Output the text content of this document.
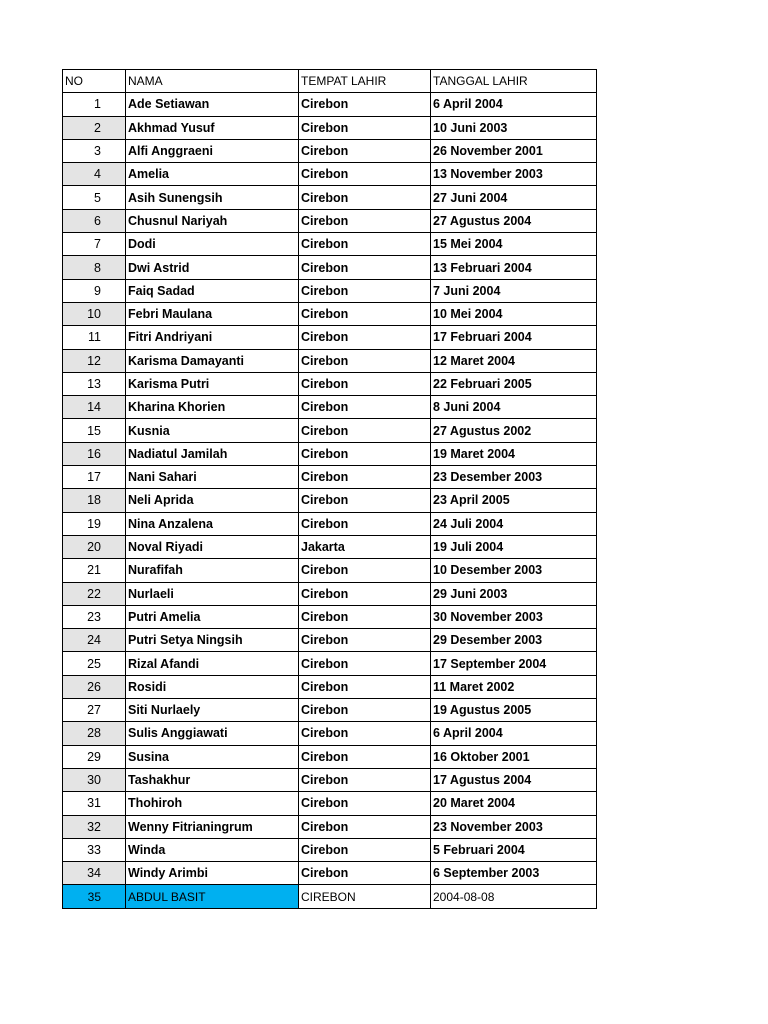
NO	NAMA	TEMPAT LAHIR	TANGGAL LAHIR
1	Ade Setiawan	Cirebon	6 April 2004
2	Akhmad Yusuf	Cirebon	10 Juni 2003
3	Alfi Anggraeni	Cirebon	26 November 2001
4	Amelia	Cirebon	13 November 2003
5	Asih Sunengsih	Cirebon	27 Juni 2004
6	Chusnul Nariyah	Cirebon	27 Agustus 2004
7	Dodi	Cirebon	15 Mei 2004
8	Dwi Astrid	Cirebon	13 Februari 2004
9	Faiq Sadad	Cirebon	7 Juni 2004
10	Febri Maulana	Cirebon	10 Mei 2004
11	Fitri Andriyani	Cirebon	17 Februari 2004
12	Karisma Damayanti	Cirebon	12 Maret 2004
13	Karisma Putri	Cirebon	22 Februari 2005
14	Kharina Khorien	Cirebon	8 Juni 2004
15	Kusnia	Cirebon	27 Agustus 2002
16	Nadiatul Jamilah	Cirebon	19 Maret 2004
17	Nani Sahari	Cirebon	23 Desember 2003
18	Neli Aprida	Cirebon	23 April 2005
19	Nina Anzalena	Cirebon	24 Juli 2004
20	Noval Riyadi	Jakarta	19 Juli 2004
21	Nurafifah	Cirebon	10 Desember 2003
22	Nurlaeli	Cirebon	29 Juni 2003
23	Putri Amelia	Cirebon	30 November 2003
24	Putri Setya Ningsih	Cirebon	29 Desember 2003
25	Rizal Afandi	Cirebon	17 September 2004
26	Rosidi	Cirebon	11 Maret 2002
27	Siti Nurlaely	Cirebon	19 Agustus 2005
28	Sulis Anggiawati	Cirebon	6 April 2004
29	Susina	Cirebon	16 Oktober 2001
30	Tashakhur	Cirebon	17 Agustus 2004
31	Thohiroh	Cirebon	20 Maret 2004
32	Wenny Fitrianingrum	Cirebon	23 November 2003
33	Winda	Cirebon	5 Februari 2004
34	Windy Arimbi	Cirebon	6 September 2003
35	ABDUL BASIT	CIREBON	2004-08-08
